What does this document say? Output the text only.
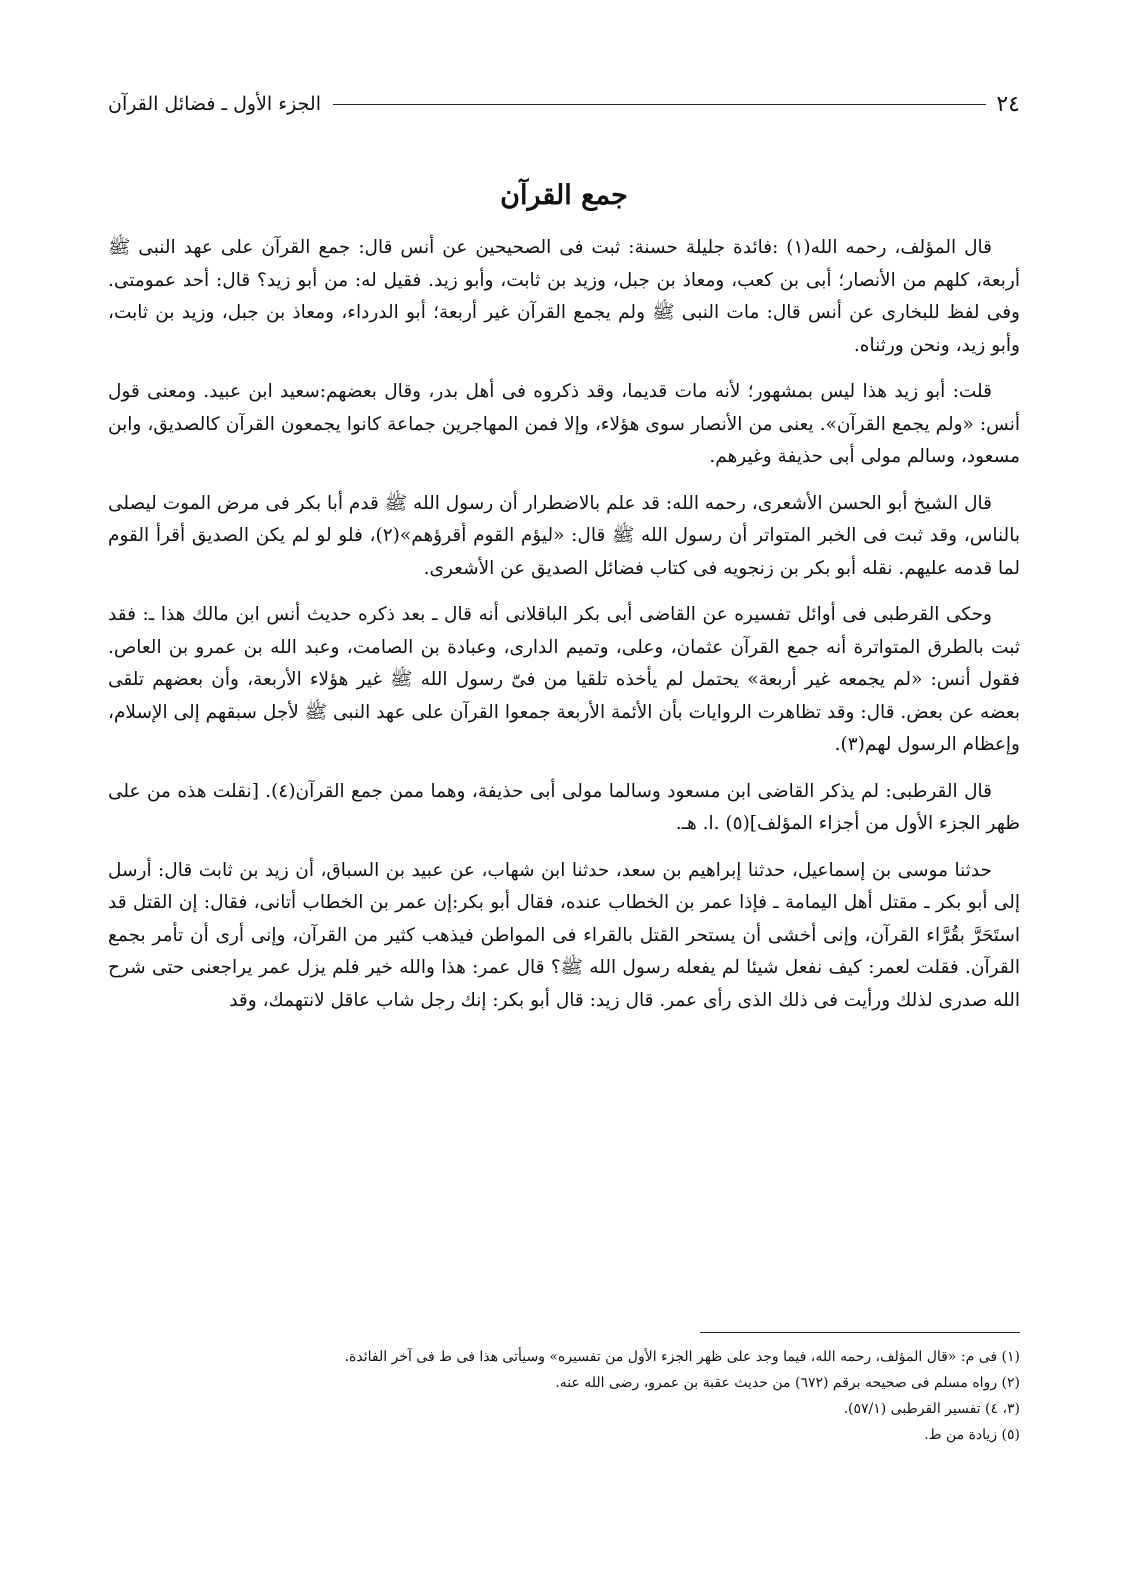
٢٤
الجزء الأول ـ فضائل القرآن
جمع القرآن

قال المؤلف، رحمه الله(١) :فائدة جليلة حسنة: ثبت فى الصحيحين عن أنس قال: جمع القرآن على عهد النبى ﷺ أربعة، كلهم من الأنصار؛ أبى بن كعب، ومعاذ بن جبل، وزيد بن ثابت، وأبو زيد. فقيل له: من أبو زيد؟ قال: أحد عمومتى. وفى لفظ للبخارى عن أنس قال: مات النبى ﷺ ولم يجمع القرآن غير أربعة؛ أبو الدرداء، ومعاذ بن جبل، وزيد بن ثابت، وأبو زيد، ونحن ورثناه.

قلت: أبو زيد هذا ليس بمشهور؛ لأنه مات قديما، وقد ذكروه فى أهل بدر، وقال بعضهم:سعيد ابن عبيد. ومعنى قول أنس: «ولم يجمع القرآن». يعنى من الأنصار سوى هؤلاء، وإلا فمن المهاجرين جماعة كانوا يجمعون القرآن كالصديق، وابن مسعود، وسالم مولى أبى حذيفة وغيرهم.

قال الشيخ أبو الحسن الأشعرى، رحمه الله: قد علم بالاضطرار أن رسول الله ﷺ قدم أبا بكر فى مرض الموت ليصلى بالناس، وقد ثبت فى الخبر المتواتر أن رسول الله ﷺ قال: «ليؤم القوم أقرؤهم»(٢)، فلو لو لم يكن الصديق أقرأ القوم لما قدمه عليهم. نقله أبو بكر بن زنجويه فى كتاب فضائل الصديق عن الأشعرى.

وحكى القرطبى فى أوائل تفسيره عن القاضى أبى بكر الباقلانى أنه قال ـ بعد ذكره حديث أنس ابن مالك هذا ـ: فقد ثبت بالطرق المتواترة أنه جمع القرآن عثمان، وعلى، وتميم الدارى، وعبادة بن الصامت، وعبد الله بن عمرو بن العاص. فقول أنس: «لم يجمعه غير أربعة» يحتمل لم يأخذه تلقيا من فىّ رسول الله ﷺ غير هؤلاء الأربعة، وأن بعضهم تلقى بعضه عن بعض. قال: وقد تظاهرت الروايات بأن الأئمة الأربعة جمعوا القرآن على عهد النبى ﷺ لأجل سبقهم إلى الإسلام، وإعظام الرسول لهم(٣).

قال القرطبى: لم يذكر القاضى ابن مسعود وسالما مولى أبى حذيفة، وهما ممن جمع القرآن(٤). [نقلت هذه من على ظهر الجزء الأول من أجزاء المؤلف](٥) .ا. هـ.

حدثنا موسى بن إسماعيل، حدثنا إبراهيم بن سعد، حدثنا ابن شهاب، عن عبيد بن السباق، أن زيد بن ثابت قال: أرسل إلى أبو بكر ـ مقتل أهل اليمامة ـ فإذا عمر بن الخطاب عنده، فقال أبو بكر:إن عمر بن الخطاب أتانى، فقال: إن القتل قد استَحَرَّ بقُرَّاء القرآن، وإنى أخشى أن يستحر القتل بالقراء فى المواطن فيذهب كثير من القرآن، وإنى أرى أن تأمر بجمع القرآن. فقلت لعمر: كيف نفعل شيئا لم يفعله رسول الله ﷺ؟ قال عمر: هذا والله خير فلم يزل عمر يراجعنى حتى شرح الله صدرى لذلك ورأيت فى ذلك الذى رأى عمر. قال زيد: قال أبو بكر: إنك رجل شاب عاقل لانتهمك، وقد

(١) فى م: «قال المؤلف، رحمه الله، فيما وجد على ظهر الجزء الأول من تفسيره» وسيأتى هذا فى ط فى آخر الفائدة.
(٢) رواه مسلم فى صحيحه برقم (٦٧٢) من حديث عقبة بن عمرو، رضى الله عنه.
(٣، ٤) تفسير القرطبى (٥٧/١).
(٥) زيادة من ط.
